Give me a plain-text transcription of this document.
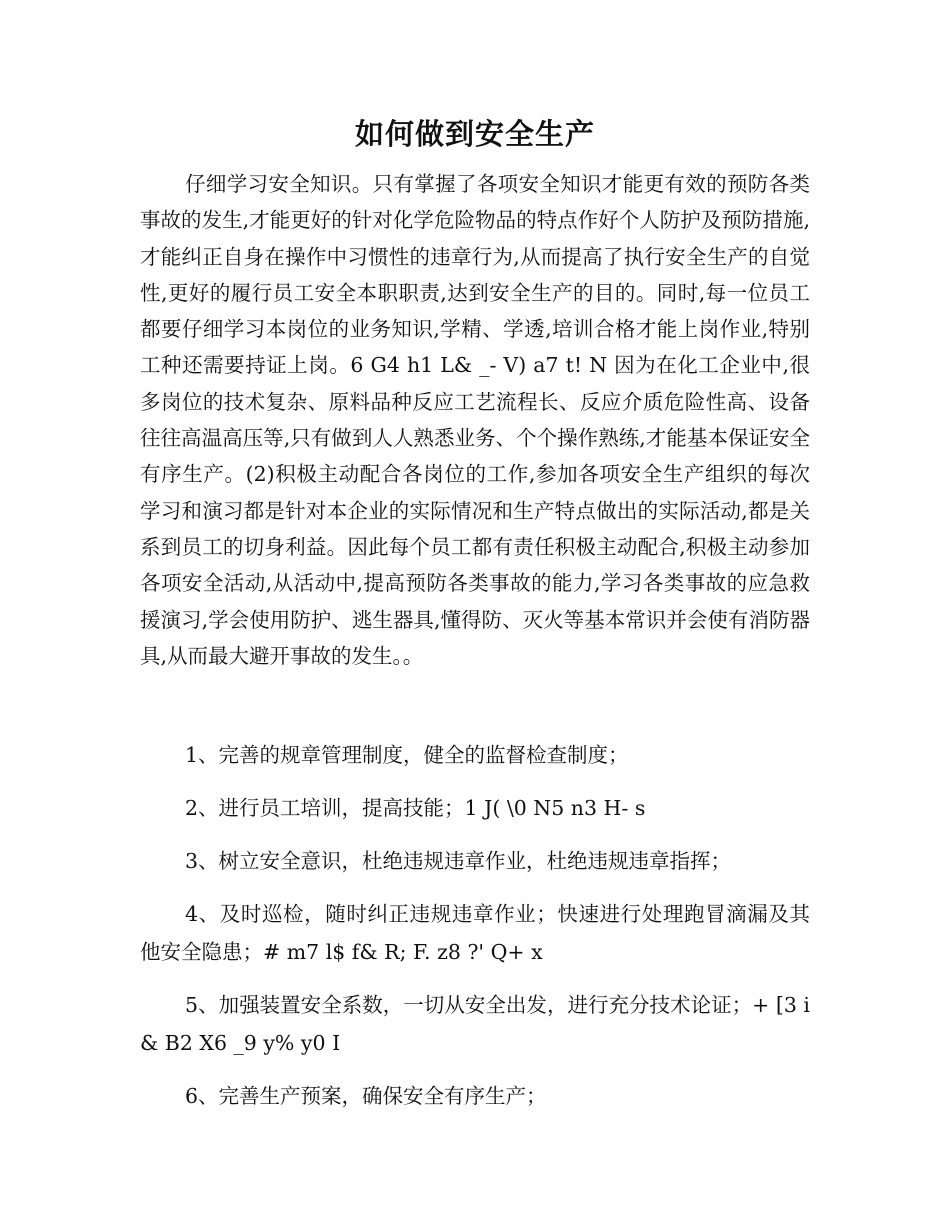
如何做到安全生产

仔细学习安全知识。只有掌握了各项安全知识才能更有效的预防各类事故的发生,才能更好的针对化学危险物品的特点作好个人防护及预防措施,才能纠正自身在操作中习惯性的违章行为,从而提高了执行安全生产的自觉性,更好的履行员工安全本职职责,达到安全生产的目的。同时,每一位员工都要仔细学习本岗位的业务知识,学精、学透,培训合格才能上岗作业,特别工种还需要持证上岗。6 G4 h1 L& _- V) a7 t! N 因为在化工企业中,很多岗位的技术复杂、原料品种反应工艺流程长、反应介质危险性高、设备往往高温高压等,只有做到人人熟悉业务、个个操作熟练,才能基本保证安全有序生产。(2)积极主动配合各岗位的工作,参加各项安全生产组织的每次学习和演习都是针对本企业的实际情况和生产特点做出的实际活动,都是关系到员工的切身利益。因此每个员工都有责任积极主动配合,积极主动参加各项安全活动,从活动中,提高预防各类事故的能力,学习各类事故的应急救援演习,学会使用防护、逃生器具,懂得防、灭火等基本常识并会使有消防器具,从而最大避开事故的发生。。

1、完善的规章管理制度，健全的监督检查制度；

2、进行员工培训，提高技能；1 J( \0 N5 n3 H- s

3、树立安全意识，杜绝违规违章作业，杜绝违规违章指挥；

4、及时巡检，随时纠正违规违章作业；快速进行处理跑冒滴漏及其他安全隐患；# m7 l$ f& R; F. z8 ?' Q+ x

5、加强装置安全系数，一切从安全出发，进行充分技术论证；+ [3 i& B2 X6 _9 y% y0 I

6、完善生产预案，确保安全有序生产；
